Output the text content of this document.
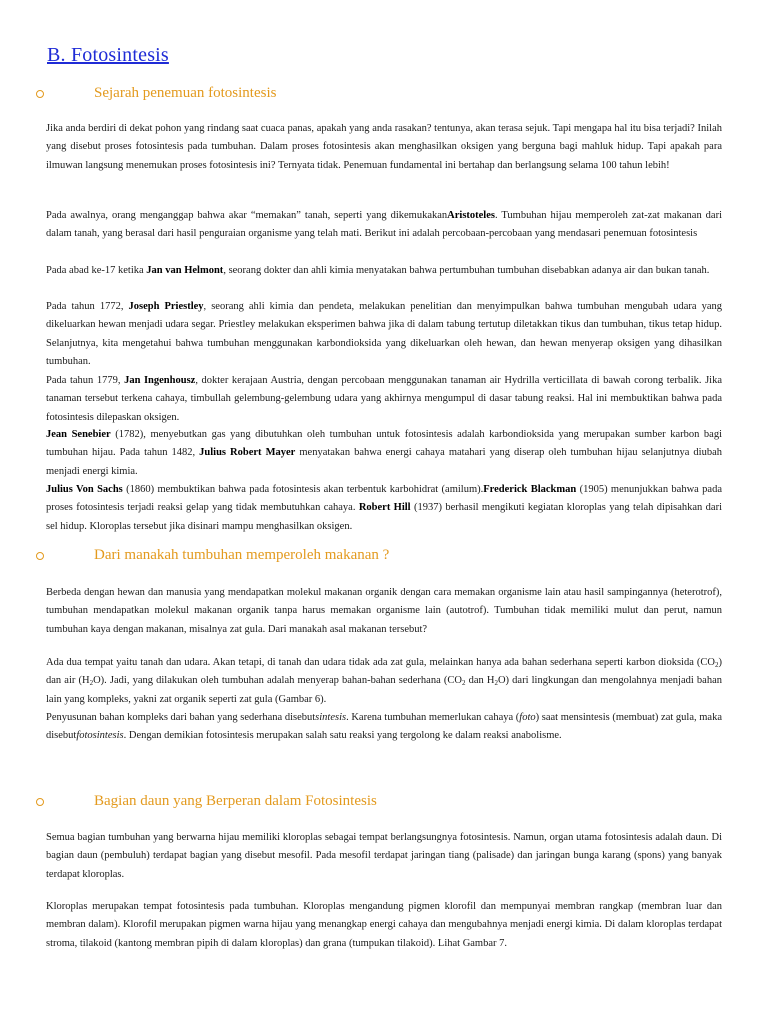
B. Fotosintesis
Sejarah penemuan fotosintesis

Jika anda berdiri di dekat pohon yang rindang saat cuaca panas, apakah yang anda rasakan? tentunya, akan terasa sejuk. Tapi mengapa hal itu bisa terjadi? Inilah yang disebut proses fotosintesis pada tumbuhan. Dalam proses fotosintesis akan menghasilkan oksigen yang berguna bagi mahluk hidup. Tapi apakah para ilmuwan langsung menemukan proses fotosintesis ini? Ternyata tidak. Penemuan fundamental ini bertahap dan berlangsung selama 100 tahun lebih!

Pada awalnya, orang menganggap bahwa akar “memakan” tanah, seperti yang dikemukakanAristoteles. Tumbuhan hijau memperoleh zat-zat makanan dari dalam tanah, yang berasal dari hasil penguraian organisme yang telah mati. Berikut ini adalah percobaan-percobaan yang mendasari penemuan fotosintesis

Pada abad ke-17 ketika Jan van Helmont, seorang dokter dan ahli kimia menyatakan bahwa pertumbuhan tumbuhan disebabkan adanya air dan bukan tanah.

Pada tahun 1772, Joseph Priestley, seorang ahli kimia dan pendeta, melakukan penelitian dan menyimpulkan bahwa tumbuhan mengubah udara yang dikeluarkan hewan menjadi udara segar. Priestley melakukan eksperimen bahwa jika di dalam tabung tertutup diletakkan tikus dan tumbuhan, tikus tetap hidup. Selanjutnya, kita mengetahui bahwa tumbuhan menggunakan karbondioksida yang dikeluarkan oleh hewan, dan hewan menyerap oksigen yang dihasilkan tumbuhan.

Pada tahun 1779, Jan Ingenhousz, dokter kerajaan Austria, dengan percobaan menggunakan tanaman air Hydrilla verticillata di bawah corong terbalik. Jika tanaman tersebut terkena cahaya, timbullah gelembung-gelembung udara yang akhirnya mengumpul di dasar tabung reaksi. Hal ini membuktikan bahwa pada fotosintesis dilepaskan oksigen.

Jean Senebier (1782), menyebutkan gas yang dibutuhkan oleh tumbuhan untuk fotosintesis adalah karbondioksida yang merupakan sumber karbon bagi tumbuhan hijau. Pada tahun 1482, Julius Robert Mayer menyatakan bahwa energi cahaya matahari yang diserap oleh tumbuhan hijau selanjutnya diubah menjadi energi kimia.

Julius Von Sachs (1860) membuktikan bahwa pada fotosintesis akan terbentuk karbohidrat (amilum).Frederick Blackman (1905) menunjukkan bahwa pada proses fotosintesis terjadi reaksi gelap yang tidak membutuhkan cahaya. Robert Hill (1937) berhasil mengikuti kegiatan kloroplas yang telah dipisahkan dari sel hidup. Kloroplas tersebut jika disinari mampu menghasilkan oksigen.

Dari manakah tumbuhan memperoleh makanan ?

Berbeda dengan hewan dan manusia yang mendapatkan molekul makanan organik dengan cara memakan organisme lain atau hasil sampingannya (heterotrof), tumbuhan mendapatkan molekul makanan organik tanpa harus memakan organisme lain (autotrof). Tumbuhan tidak memiliki mulut dan perut, namun tumbuhan kaya dengan makanan, misalnya zat gula. Dari manakah asal makanan tersebut?

Ada dua tempat yaitu tanah dan udara. Akan tetapi, di tanah dan udara tidak ada zat gula, melainkan hanya ada bahan sederhana seperti karbon dioksida $(CO_2)$ dan air $(H_2O)$. Jadi, yang dilakukan oleh tumbuhan adalah menyerap bahan-bahan sederhana ($CO_2$ dan $H_2O$) dari lingkungan dan mengolahnya menjadi bahan lain yang kompleks, yakni zat organik seperti zat gula (Gambar 6).

Penyusunan bahan kompleks dari bahan yang sederhana disebutsintesis. Karena tumbuhan memerlukan cahaya (foto) saat mensintesis (membuat) zat gula, maka disebutfotosintesis. Dengan demikian fotosintesis merupakan salah satu reaksi yang tergolong ke dalam reaksi anabolisme.

Bagian daun yang Berperan dalam Fotosintesis

Semua bagian tumbuhan yang berwarna hijau memiliki kloroplas sebagai tempat berlangsungnya fotosintesis. Namun, organ utama fotosintesis adalah daun. Di bagian daun (pembuluh) terdapat bagian yang disebut mesofil. Pada mesofil terdapat jaringan tiang (palisade) dan jaringan bunga karang (spons) yang banyak terdapat kloroplas.

Kloroplas merupakan tempat fotosintesis pada tumbuhan. Kloroplas mengandung pigmen klorofil dan mempunyai membran rangkap (membran luar dan membran dalam). Klorofil merupakan pigmen warna hijau yang menangkap energi cahaya dan mengubahnya menjadi energi kimia. Di dalam kloroplas terdapat stroma, tilakoid (kantong membran pipih di dalam kloroplas) dan grana (tumpukan tilakoid). Lihat Gambar 7.
